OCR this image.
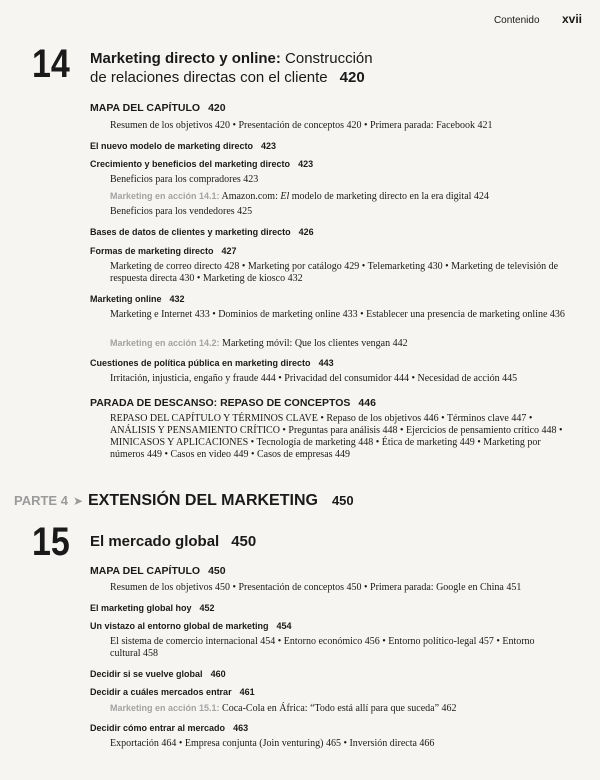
Contenido xvii
14 Marketing directo y online: Construcción
de relaciones directas con el cliente 420
MAPA DEL CAPÍTULO 420
Resumen de los objetivos 420 • Presentación de conceptos 420 • Primera parada: Facebook 421
El nuevo modelo de marketing directo 423
Crecimiento y beneficios del marketing directo 423
Beneficios para los compradores 423
Marketing en acción 14.1: Amazon.com: El modelo de marketing directo en la era digital 424
Beneficios para los vendedores 425
Bases de datos de clientes y marketing directo 426
Formas de marketing directo 427
Marketing de correo directo 428 • Marketing por catálogo 429 • Telemarketing 430 • Marketing de televisión de respuesta directa 430 • Marketing de kiosco 432
Marketing online 432
Marketing e Internet 433 • Dominios de marketing online 433 • Establecer una presencia de marketing online 436
Marketing en acción 14.2: Marketing móvil: Que los clientes vengan 442
Cuestiones de política pública en marketing directo 443
Irritación, injusticia, engaño y fraude 444 • Privacidad del consumidor 444 • Necesidad de acción 445
PARADA DE DESCANSO: REPASO DE CONCEPTOS 446
REPASO DEL CAPÍTULO Y TÉRMINOS CLAVE • Repaso de los objetivos 446 • Términos clave 447 • ANÁLISIS Y PENSAMIENTO CRÍTICO • Preguntas para análisis 448 • Ejercicios de pensamiento crítico 448 • MINICASOS Y APLICACIONES • Tecnología de marketing 448 • Ética de marketing 449 • Marketing por números 449 • Casos en video 449 • Casos de empresas 449
PARTE 4 ➤ EXTENSIÓN DEL MARKETING 450
15 El mercado global 450
MAPA DEL CAPÍTULO 450
Resumen de los objetivos 450 • Presentación de conceptos 450 • Primera parada: Google en China 451
El marketing global hoy 452
Un vistazo al entorno global de marketing 454
El sistema de comercio internacional 454 • Entorno económico 456 • Entorno político-legal 457 • Entorno cultural 458
Decidir si se vuelve global 460
Decidir a cuáles mercados entrar 461
Marketing en acción 15.1: Coca-Cola en África: “Todo está allí para que suceda” 462
Decidir cómo entrar al mercado 463
Exportación 464 • Empresa conjunta (Join venturing) 465 • Inversión directa 466
